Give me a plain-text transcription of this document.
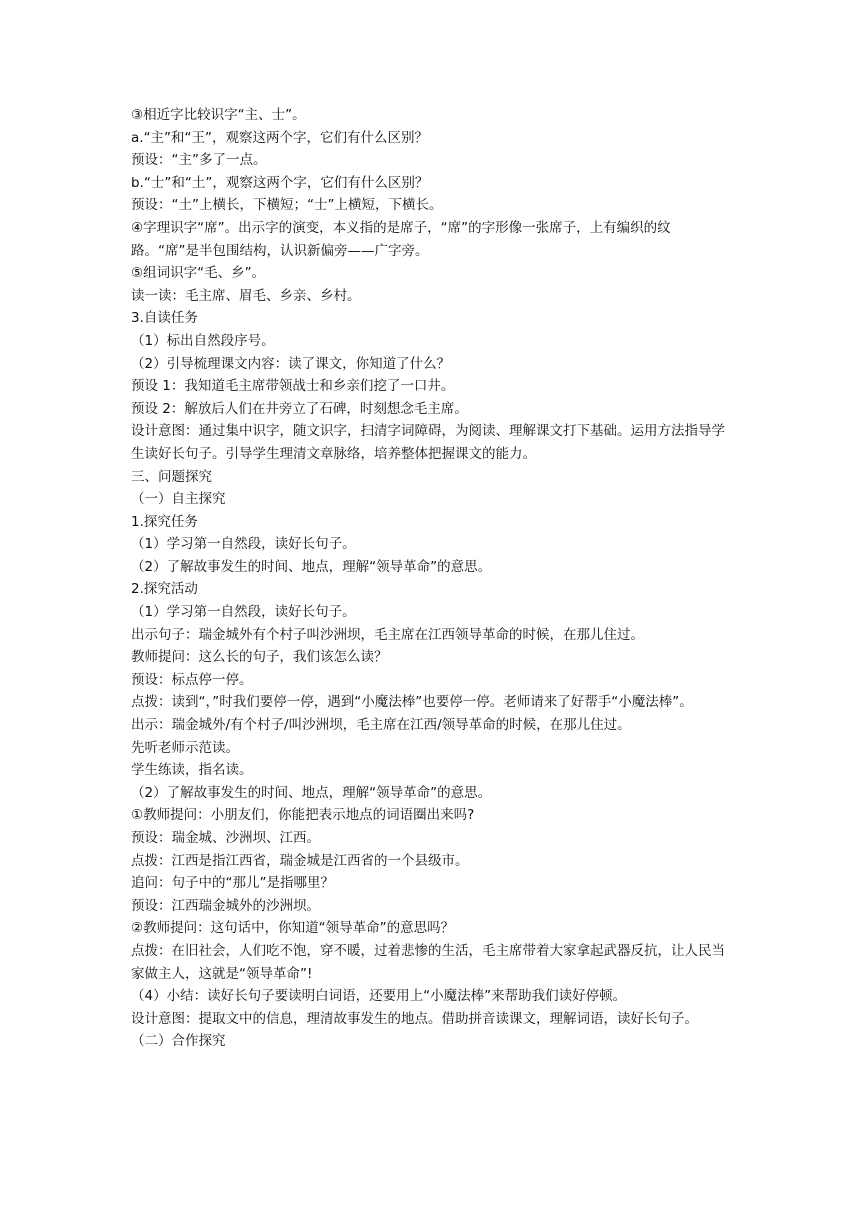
③相近字比较识字“主、士”。
a.“主”和“王”，观察这两个字，它们有什么区别？
预设：“主”多了一点。
b.“士”和“土”，观察这两个字，它们有什么区别？
预设：“土”上横长，下横短；“士”上横短，下横长。
④字理识字“席”。出示字的演变，本义指的是席子，“席”的字形像一张席子，上有编织的纹路。“席”是半包围结构，认识新偏旁——广字旁。
⑤组词识字“毛、乡”。
读一读：毛主席、眉毛、乡亲、乡村。
3.自读任务
（1）标出自然段序号。
（2）引导梳理课文内容：读了课文，你知道了什么？
预设 1：我知道毛主席带领战士和乡亲们挖了一口井。
预设 2：解放后人们在井旁立了石碑，时刻想念毛主席。
设计意图：通过集中识字，随文识字，扫清字词障碍，为阅读、理解课文打下基础。运用方法指导学生读好长句子。引导学生理清文章脉络，培养整体把握课文的能力。
三、问题探究
（一）自主探究
1.探究任务
（1）学习第一自然段，读好长句子。
（2）了解故事发生的时间、地点，理解“领导革命”的意思。
2.探究活动
（1）学习第一自然段，读好长句子。
出示句子：瑞金城外有个村子叫沙洲坝，毛主席在江西领导革命的时候，在那儿住过。
教师提问：这么长的句子，我们该怎么读？
预设：标点停一停。
点拨：读到“，”时我们要停一停，遇到“小魔法棒”也要停一停。老师请来了好帮手“小魔法棒”。
出示：瑞金城外/有个村子/叫沙洲坝，毛主席在江西/领导革命的时候，在那儿住过。
先听老师示范读。
学生练读，指名读。
（2）了解故事发生的时间、地点，理解“领导革命”的意思。
①教师提问：小朋友们，你能把表示地点的词语圈出来吗?
预设：瑞金城、沙洲坝、江西。
点拨：江西是指江西省，瑞金城是江西省的一个县级市。
追问：句子中的“那儿”是指哪里？
预设：江西瑞金城外的沙洲坝。
②教师提问：这句话中，你知道“领导革命”的意思吗？
点拨：在旧社会，人们吃不饱，穿不暖，过着悲惨的生活，毛主席带着大家拿起武器反抗，让人民当家做主人，这就是“领导革命”!
（4）小结：读好长句子要读明白词语，还要用上“小魔法棒”来帮助我们读好停顿。
设计意图：提取文中的信息，理清故事发生的地点。借助拼音读课文，理解词语，读好长句子。
（二）合作探究
